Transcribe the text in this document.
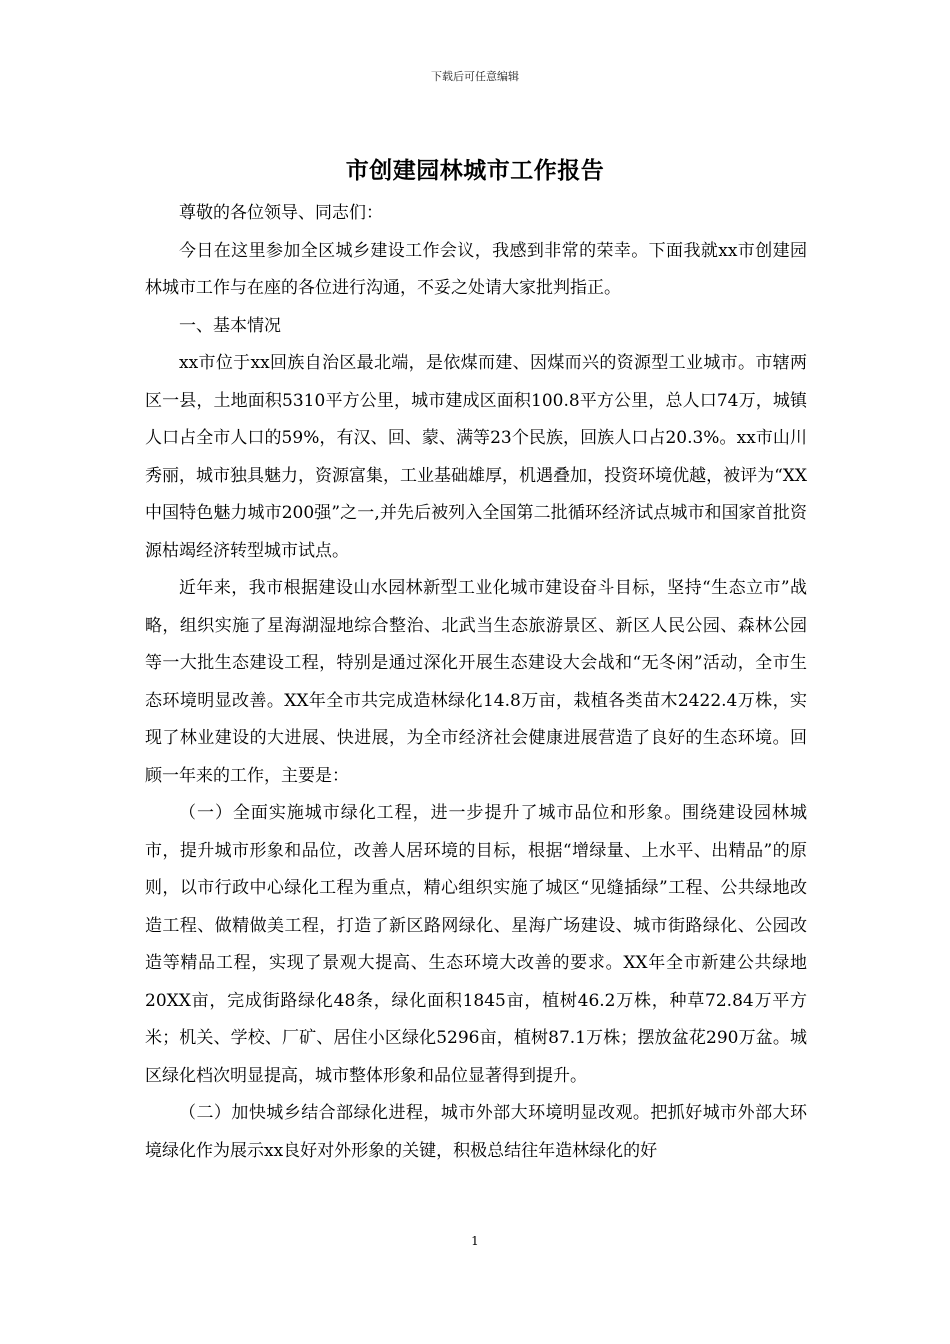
下载后可任意编辑
市创建园林城市工作报告

尊敬的各位领导、同志们：

今日在这里参加全区城乡建设工作会议，我感到非常的荣幸。下面我就xx市创建园林城市工作与在座的各位进行沟通，不妥之处请大家批判指正。

一、基本情况

xx市位于xx回族自治区最北端，是依煤而建、因煤而兴的资源型工业城市。市辖两区一县，土地面积5310平方公里，城市建成区面积100.8平方公里，总人口74万，城镇人口占全市人口的59%，有汉、回、蒙、满等23个民族，回族人口占20.3%。xx市山川秀丽，城市独具魅力，资源富集，工业基础雄厚，机遇叠加，投资环境优越，被评为“XX中国特色魅力城市200强”之一,并先后被列入全国第二批循环经济试点城市和国家首批资源枯竭经济转型城市试点。

近年来，我市根据建设山水园林新型工业化城市建设奋斗目标，坚持“生态立市”战略，组织实施了星海湖湿地综合整治、北武当生态旅游景区、新区人民公园、森林公园等一大批生态建设工程，特别是通过深化开展生态建设大会战和“无冬闲”活动，全市生态环境明显改善。XX年全市共完成造林绿化14.8万亩，栽植各类苗木2422.4万株，实现了林业建设的大进展、快进展，为全市经济社会健康进展营造了良好的生态环境。回顾一年来的工作，主要是：

（一）全面实施城市绿化工程，进一步提升了城市品位和形象。围绕建设园林城市，提升城市形象和品位，改善人居环境的目标，根据“增绿量、上水平、出精品”的原则，以市行政中心绿化工程为重点，精心组织实施了城区“见缝插绿”工程、公共绿地改造工程、做精做美工程，打造了新区路网绿化、星海广场建设、城市街路绿化、公园改造等精品工程，实现了景观大提高、生态环境大改善的要求。XX年全市新建公共绿地20XX亩，完成街路绿化48条，绿化面积1845亩，植树46.2万株，种草72.84万平方米；机关、学校、厂矿、居住小区绿化5296亩，植树87.1万株；摆放盆花290万盆。城区绿化档次明显提高，城市整体形象和品位显著得到提升。

（二）加快城乡结合部绿化进程，城市外部大环境明显改观。把抓好城市外部大环境绿化作为展示xx良好对外形象的关键，积极总结往年造林绿化的好

1
